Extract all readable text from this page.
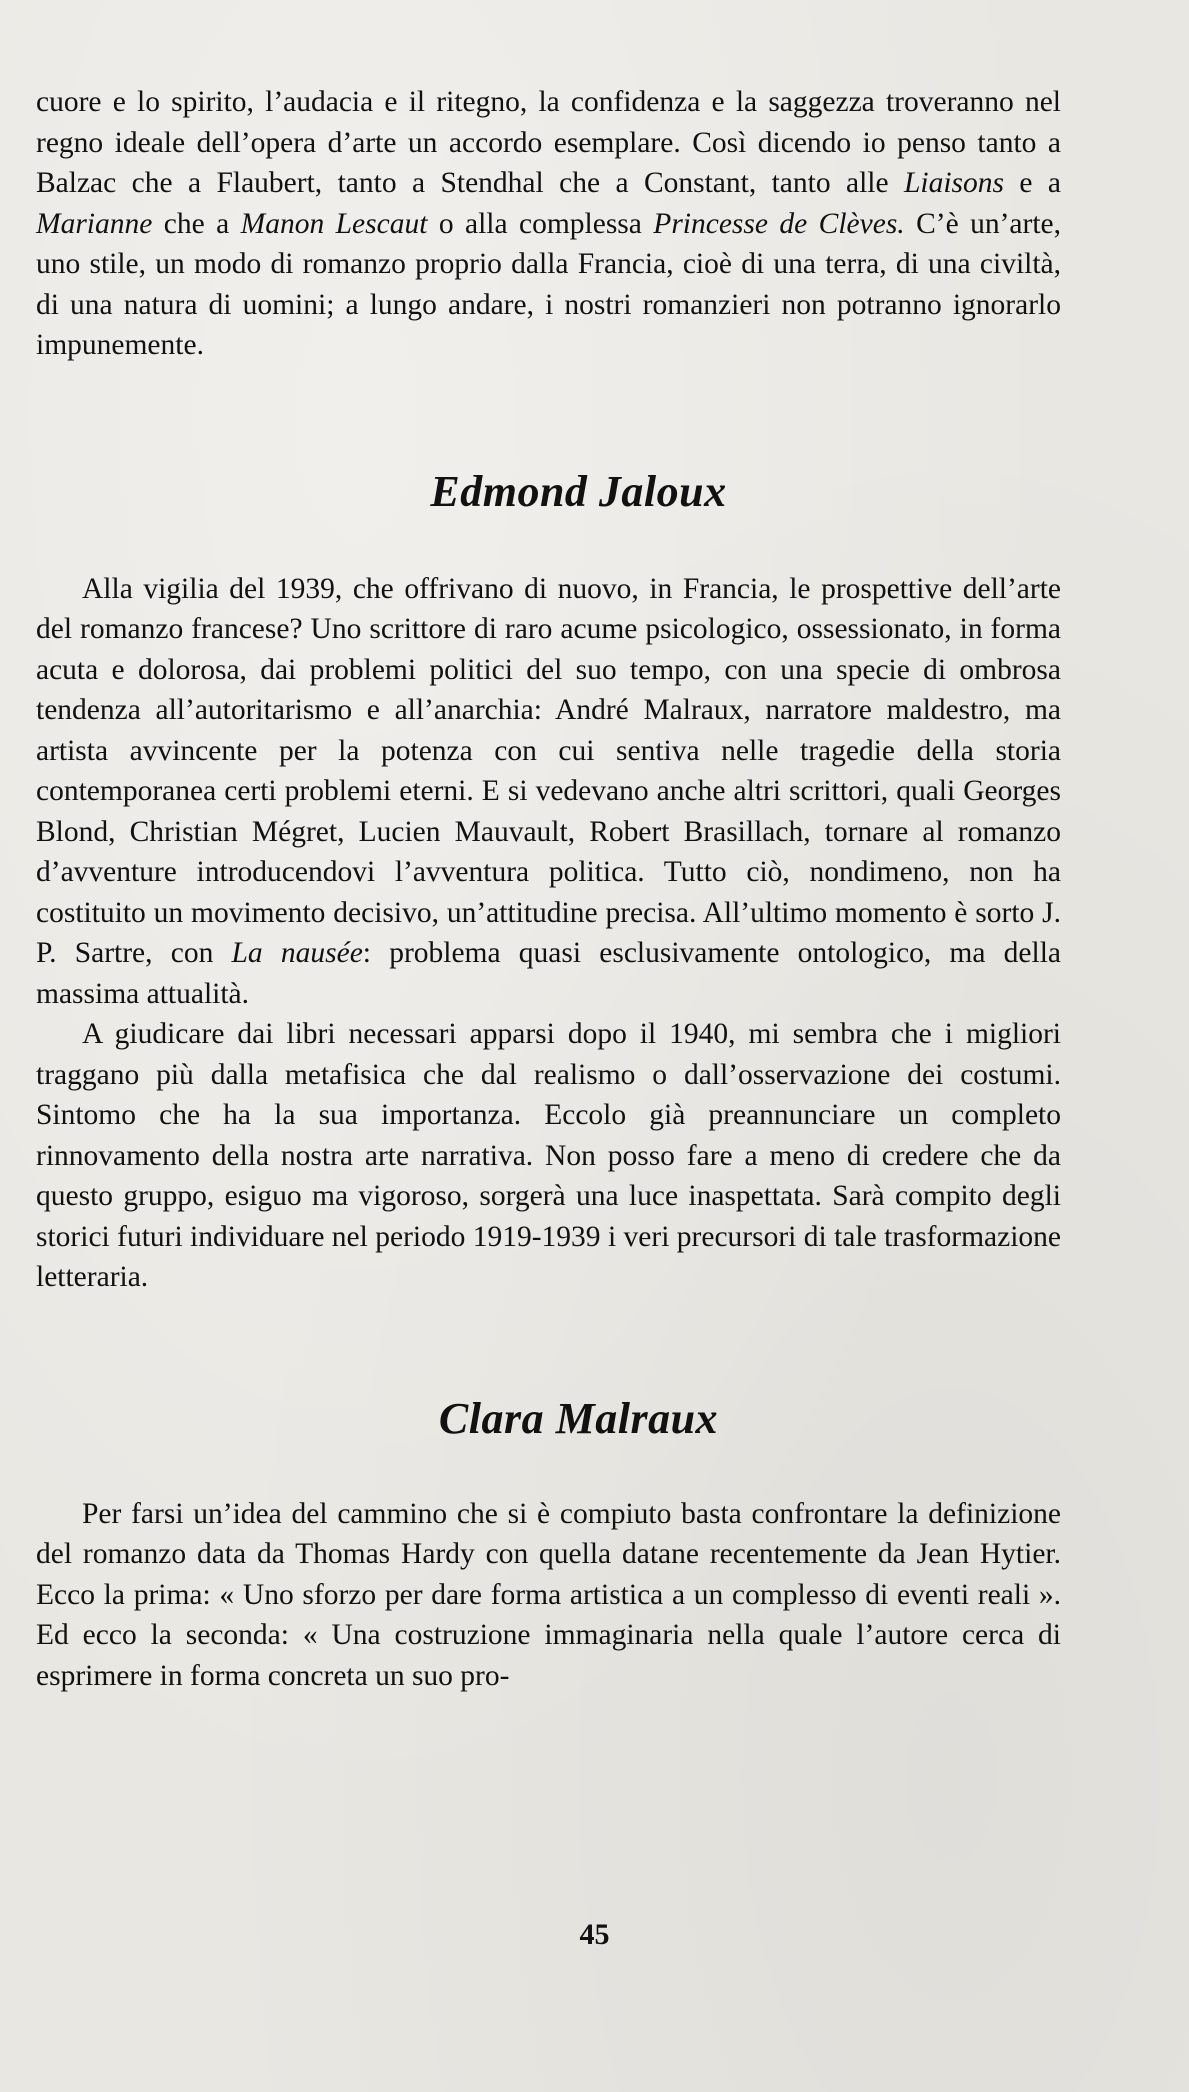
cuore e lo spirito, l’audacia e il ritegno, la confidenza e la saggezza troveranno nel regno ideale dell’opera d’arte un accordo esemplare. Così dicendo io penso tanto a Balzac che a Flaubert, tanto a Stendhal che a Constant, tanto alle Liaisons e a Marianne che a Manon Lescaut o alla complessa Princesse de Clèves. C’è un’arte, uno stile, un modo di romanzo proprio dalla Francia, cioè di una terra, di una civiltà, di una natura di uomini; a lungo andare, i nostri romanzieri non potranno ignorarlo impunemente.

Edmond Jaloux

Alla vigilia del 1939, che offrivano di nuovo, in Francia, le prospettive dell’arte del romanzo francese? Uno scrittore di raro acume psicologico, ossessionato, in forma acuta e dolorosa, dai problemi politici del suo tempo, con una specie di ombrosa tendenza all’autoritarismo e all’anarchia: André Malraux, narratore maldestro, ma artista avvincente per la potenza con cui sentiva nelle tragedie della storia contemporanea certi problemi eterni. E si vedevano anche altri scrittori, quali Georges Blond, Christian Mégret, Lucien Mauvault, Robert Brasillach, tornare al romanzo d’avventure introducendovi l’avventura politica. Tutto ciò, nondimeno, non ha costituito un movimento decisivo, un’attitudine precisa. All’ultimo momento è sorto J. P. Sartre, con La nausée: problema quasi esclusivamente ontologico, ma della massima attualità.

A giudicare dai libri necessari apparsi dopo il 1940, mi sembra che i migliori traggano più dalla metafisica che dal realismo o dall’osservazione dei costumi. Sintomo che ha la sua importanza. Eccolo già preannunciare un completo rinnovamento della nostra arte narrativa. Non posso fare a meno di credere che da questo gruppo, esiguo ma vigoroso, sorgerà una luce inaspettata. Sarà compito degli storici futuri individuare nel periodo 1919-1939 i veri precursori di tale trasformazione letteraria.

Clara Malraux

Per farsi un’idea del cammino che si è compiuto basta confrontare la definizione del romanzo data da Thomas Hardy con quella datane recentemente da Jean Hytier. Ecco la prima: « Uno sforzo per dare forma artistica a un complesso di eventi reali ». Ed ecco la seconda: « Una costruzione immaginaria nella quale l’autore cerca di esprimere in forma concreta un suo pro-

45
